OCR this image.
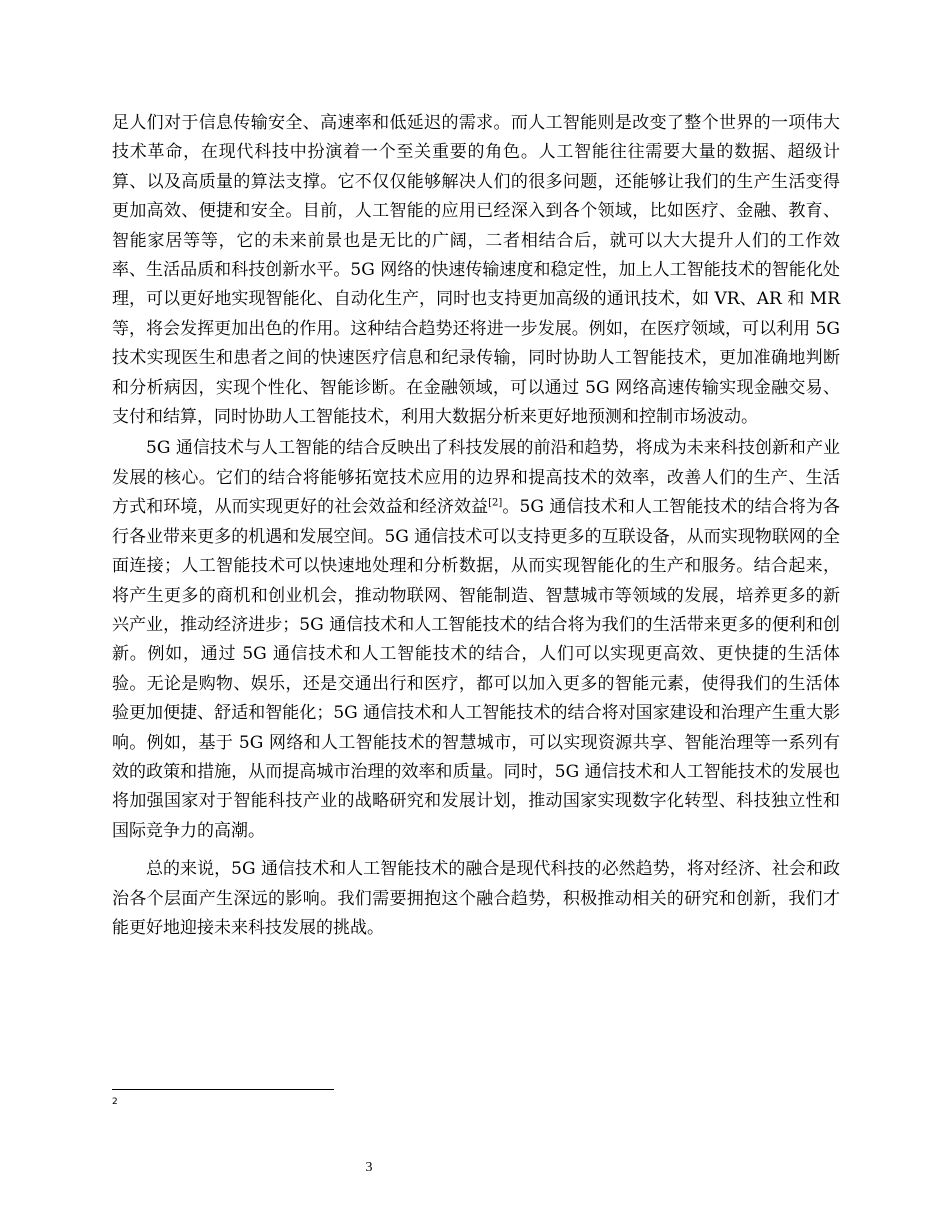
足人们对于信息传输安全、高速率和低延迟的需求。而人工智能则是改变了整个世界的一项伟大技术革命，在现代科技中扮演着一个至关重要的角色。人工智能往往需要大量的数据、超级计算、以及高质量的算法支撑。它不仅仅能够解决人们的很多问题，还能够让我们的生产生活变得更加高效、便捷和安全。目前，人工智能的应用已经深入到各个领域，比如医疗、金融、教育、智能家居等等，它的未来前景也是无比的广阔，二者相结合后，就可以大大提升人们的工作效率、生活品质和科技创新水平。5G 网络的快速传输速度和稳定性，加上人工智能技术的智能化处理，可以更好地实现智能化、自动化生产，同时也支持更加高级的通讯技术，如 VR、AR 和 MR 等，将会发挥更加出色的作用。这种结合趋势还将进一步发展。例如，在医疗领域，可以利用 5G 技术实现医生和患者之间的快速医疗信息和纪录传输，同时协助人工智能技术，更加准确地判断和分析病因，实现个性化、智能诊断。在金融领域，可以通过 5G 网络高速传输实现金融交易、支付和结算，同时协助人工智能技术，利用大数据分析来更好地预测和控制市场波动。

5G 通信技术与人工智能的结合反映出了科技发展的前沿和趋势，将成为未来科技创新和产业发展的核心。它们的结合将能够拓宽技术应用的边界和提高技术的效率，改善人们的生产、生活方式和环境，从而实现更好的社会效益和经济效益[2]。5G 通信技术和人工智能技术的结合将为各行各业带来更多的机遇和发展空间。5G 通信技术可以支持更多的互联设备，从而实现物联网的全面连接；人工智能技术可以快速地处理和分析数据，从而实现智能化的生产和服务。结合起来，将产生更多的商机和创业机会，推动物联网、智能制造、智慧城市等领域的发展，培养更多的新兴产业，推动经济进步；5G 通信技术和人工智能技术的结合将为我们的生活带来更多的便利和创新。例如，通过 5G 通信技术和人工智能技术的结合，人们可以实现更高效、更快捷的生活体验。无论是购物、娱乐，还是交通出行和医疗，都可以加入更多的智能元素，使得我们的生活体验更加便捷、舒适和智能化；5G 通信技术和人工智能技术的结合将对国家建设和治理产生重大影响。例如，基于 5G 网络和人工智能技术的智慧城市，可以实现资源共享、智能治理等一系列有效的政策和措施，从而提高城市治理的效率和质量。同时，5G 通信技术和人工智能技术的发展也将加强国家对于智能科技产业的战略研究和发展计划，推动国家实现数字化转型、科技独立性和国际竞争力的高潮。

总的来说，5G 通信技术和人工智能技术的融合是现代科技的必然趋势，将对经济、社会和政治各个层面产生深远的影响。我们需要拥抱这个融合趋势，积极推动相关的研究和创新，我们才能更好地迎接未来科技发展的挑战。

2
3
